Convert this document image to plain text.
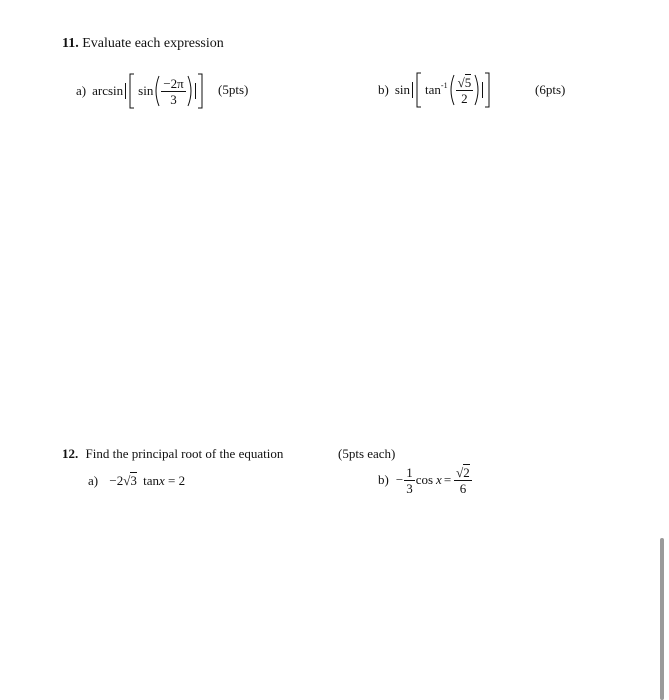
11. Evaluate each expression
a) $\arcsin \sin \frac{-2\pi}{3} (5pts)$	b) $\sin \tan^{-1} \frac{√5}{2}$	(6pts)
12. Find the principal root of the equation	(5pts each)
a) −2√3 tanx = 2	$b) - \frac{1}{3}$ $\cos x = \frac{√2}{6}$
